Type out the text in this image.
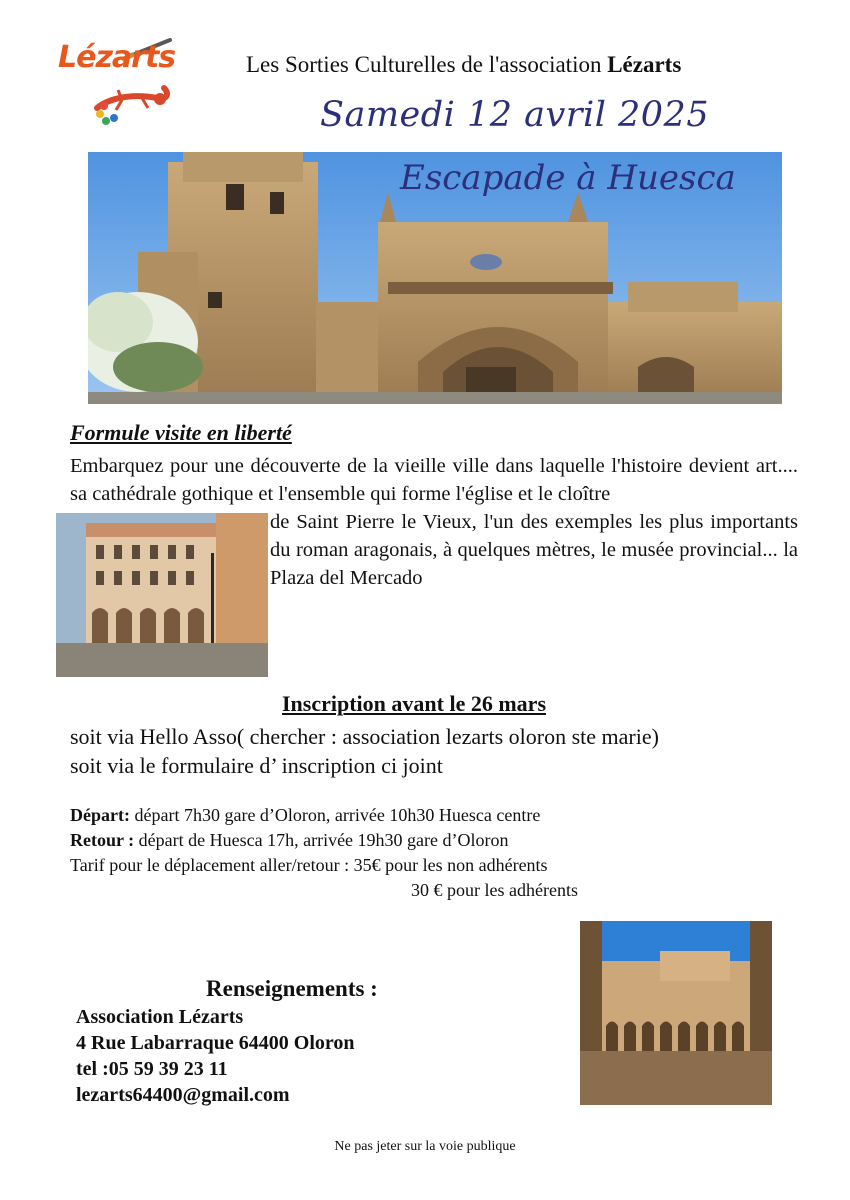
Lézarts	Les Sorties Culturelles de l'association Lézarts
Samedi 12 avril 2025
Escapade à Huesca
Formule visite en liberté
Embarquez pour une découverte de la vieille ville dans laquelle l'histoire devient art.... sa cathédrale gothique et l'ensemble qui forme l'église et le cloître
de Saint Pierre le Vieux, l'un des exemples les plus importants du roman aragonais, à quelques mètres, le musée provincial... la Plaza del Mercado
Inscription avant le 26 mars
soit via Hello Asso( chercher : association lezarts oloron ste marie)
soit via le formulaire d’ inscription ci joint
Départ: départ 7h30 gare d’Oloron, arrivée 10h30 Huesca centre
Retour : départ de Huesca 17h, arrivée 19h30 gare d’Oloron
Tarif pour le déplacement aller/retour : 35€ pour les non adhérents
30 € pour les adhérents
Renseignements :
Association Lézarts
4 Rue Labarraque 64400 Oloron
tel :05 59 39 23 11
lezarts64400@gmail.com
Ne pas jeter sur la voie publique
